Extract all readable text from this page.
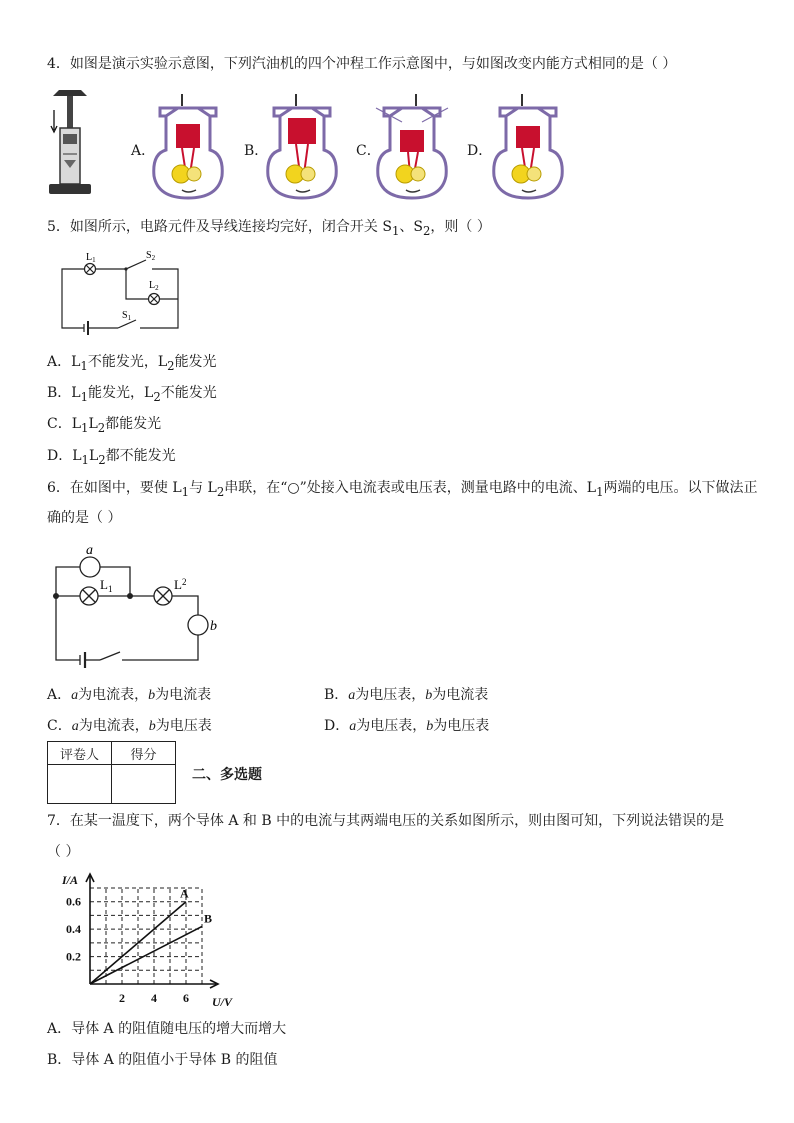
4．如图是演示实验示意图，下列汽油机的四个冲程工作示意图中，与如图改变内能方式相同的是（ ）
A．	B．	C．	D．
5．如图所示，电路元件及导线连接均完好，闭合开关 $S_1$、$S_2$，则（ ）
$L_1$	$S_2$
$L_2$
$S_1$
A．$L_1$不能发光，$L_2$能发光
B．$L_1$能发光，$L_2$不能发光
C．$L_1L_2$都能发光
D．$L_1L_2$都不能发光
6．在如图中，要使 $L_1$与 $L_2$串联，在“○”处接入电流表或电压表，测量电路中的电流、$L_1$两端的电压。以下做法正
确的是（ ）
a
b
$L_1$	$L^2$
A．a为电流表，b为电流表	B．a为电压表，b为电流表
C．a为电流表，b为电压表	D．a为电压表，b为电压表
评卷人	得分

二、多选题
7．在某一温度下，两个导体 A 和 B 中的电流与其两端电压的关系如图所示，则由图可知，下列说法错误的是
（ ）
A
B
0.2
0.4
0.6
2 4 6
I/A
U/V
A．导体 A 的阻值随电压的增大而增大
B．导体 A 的阻值小于导体 B 的阻值
